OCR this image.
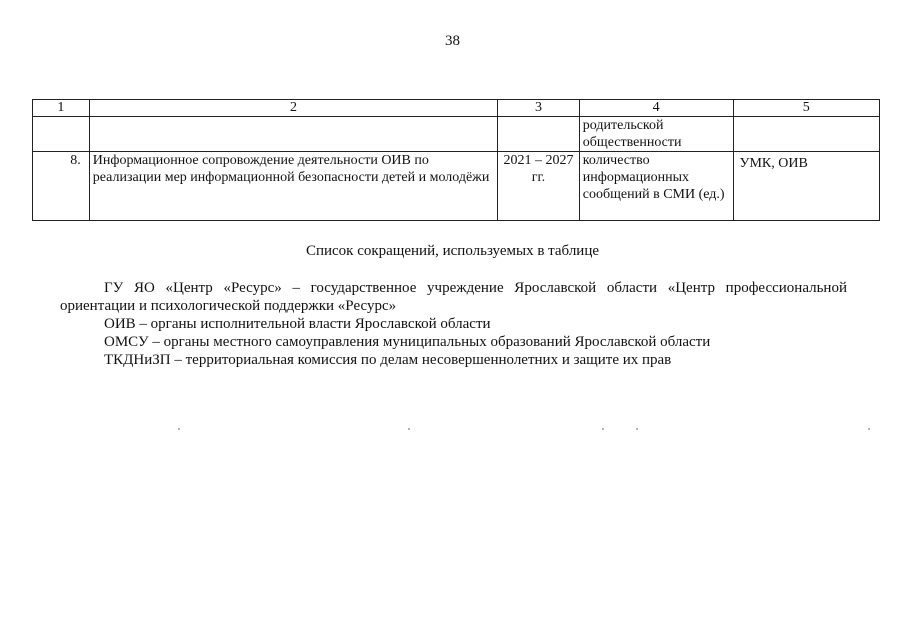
38
1	2	3	4	5
			родительской общественности	
8.	Информационное сопровождение деятельности ОИВ по реализации мер информационной безопасности детей и молодёжи	2021 – 2027 гг.	количество информационных сообщений в СМИ (ед.)	УМК, ОИВ
Список сокращений, используемых в таблице

ГУ ЯО «Центр «Ресурс» – государственное учреждение Ярославской области «Центр профессиональной ориентации и психологической поддержки «Ресурс»

ОИВ – органы исполнительной власти Ярославской области

ОМСУ – органы местного самоуправления муниципальных образований Ярославской области

ТКДНиЗП – территориальная комиссия по делам несовершеннолетних и защите их прав
